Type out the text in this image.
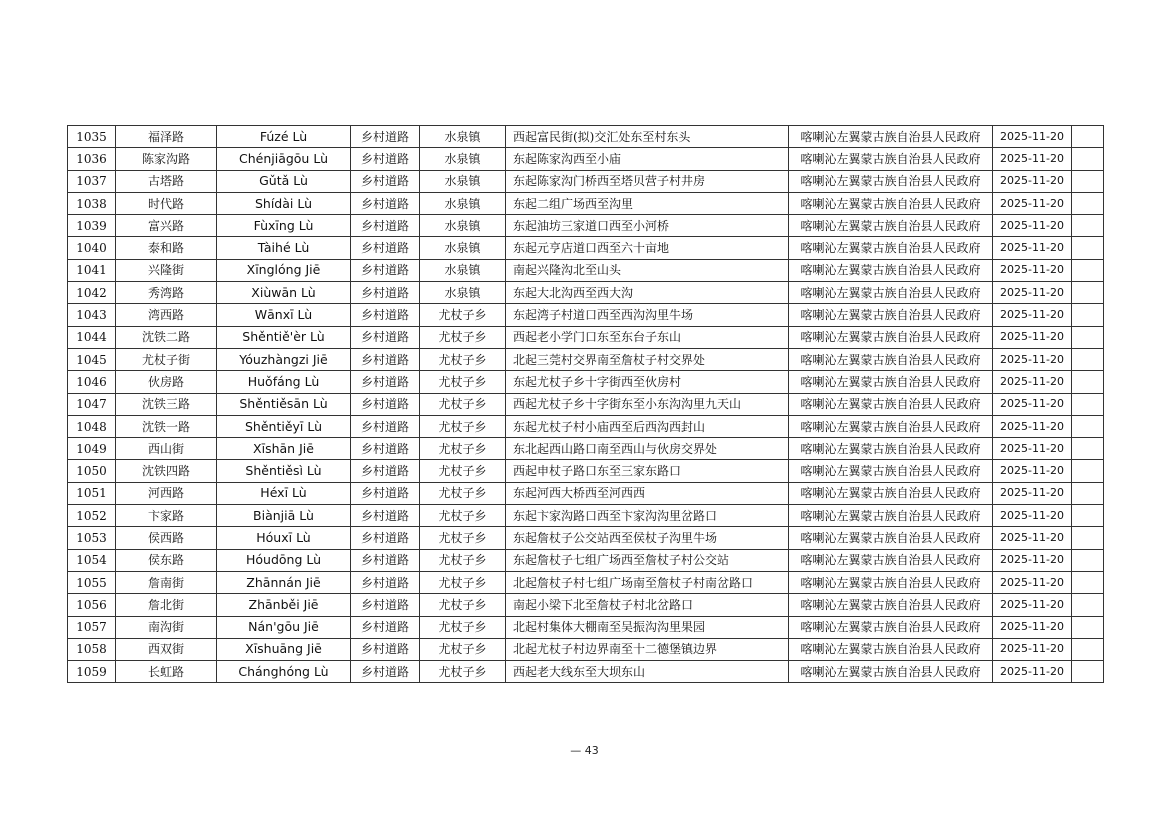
1035	福泽路	Fúzé Lù	乡村道路	水泉镇	西起富民街(拟)交汇处东至村东头	喀喇沁左翼蒙古族自治县人民政府	2025-11-20	
1036	陈家沟路	Chénjiāgōu Lù	乡村道路	水泉镇	东起陈家沟西至小庙	喀喇沁左翼蒙古族自治县人民政府	2025-11-20	
1037	古塔路	Gǔtǎ Lù	乡村道路	水泉镇	东起陈家沟门桥西至塔贝营子村井房	喀喇沁左翼蒙古族自治县人民政府	2025-11-20	
1038	时代路	Shídài Lù	乡村道路	水泉镇	东起二组广场西至沟里	喀喇沁左翼蒙古族自治县人民政府	2025-11-20	
1039	富兴路	Fùxīng Lù	乡村道路	水泉镇	东起油坊三家道口西至小河桥	喀喇沁左翼蒙古族自治县人民政府	2025-11-20	
1040	泰和路	Tàihé Lù	乡村道路	水泉镇	东起元亨店道口西至六十亩地	喀喇沁左翼蒙古族自治县人民政府	2025-11-20	
1041	兴隆街	Xīnglóng Jiē	乡村道路	水泉镇	南起兴隆沟北至山头	喀喇沁左翼蒙古族自治县人民政府	2025-11-20	
1042	秀湾路	Xiùwān Lù	乡村道路	水泉镇	东起大北沟西至西大沟	喀喇沁左翼蒙古族自治县人民政府	2025-11-20	
1043	湾西路	Wānxī Lù	乡村道路	尤杖子乡	东起湾子村道口西至西沟沟里牛场	喀喇沁左翼蒙古族自治县人民政府	2025-11-20	
1044	沈铁二路	Shěntiě'èr Lù	乡村道路	尤杖子乡	西起老小学门口东至东台子东山	喀喇沁左翼蒙古族自治县人民政府	2025-11-20	
1045	尤杖子街	Yóuzhàngzi Jiē	乡村道路	尤杖子乡	北起三莞村交界南至詹杖子村交界处	喀喇沁左翼蒙古族自治县人民政府	2025-11-20	
1046	伙房路	Huǒfáng Lù	乡村道路	尤杖子乡	东起尤杖子乡十字街西至伙房村	喀喇沁左翼蒙古族自治县人民政府	2025-11-20	
1047	沈铁三路	Shěntiěsān Lù	乡村道路	尤杖子乡	西起尤杖子乡十字街东至小东沟沟里九天山	喀喇沁左翼蒙古族自治县人民政府	2025-11-20	
1048	沈铁一路	Shěntiěyī Lù	乡村道路	尤杖子乡	东起尤杖子村小庙西至后西沟西封山	喀喇沁左翼蒙古族自治县人民政府	2025-11-20	
1049	西山街	Xīshān Jiē	乡村道路	尤杖子乡	东北起西山路口南至西山与伙房交界处	喀喇沁左翼蒙古族自治县人民政府	2025-11-20	
1050	沈铁四路	Shěntiěsì Lù	乡村道路	尤杖子乡	西起申杖子路口东至三家东路口	喀喇沁左翼蒙古族自治县人民政府	2025-11-20	
1051	河西路	Héxī Lù	乡村道路	尤杖子乡	东起河西大桥西至河西西	喀喇沁左翼蒙古族自治县人民政府	2025-11-20	
1052	卞家路	Biànjiā Lù	乡村道路	尤杖子乡	东起卞家沟路口西至卞家沟沟里岔路口	喀喇沁左翼蒙古族自治县人民政府	2025-11-20	
1053	侯西路	Hóuxī Lù	乡村道路	尤杖子乡	东起詹杖子公交站西至侯杖子沟里牛场	喀喇沁左翼蒙古族自治县人民政府	2025-11-20	
1054	侯东路	Hóudōng Lù	乡村道路	尤杖子乡	东起詹杖子七组广场西至詹杖子村公交站	喀喇沁左翼蒙古族自治县人民政府	2025-11-20	
1055	詹南街	Zhānnán Jiē	乡村道路	尤杖子乡	北起詹杖子村七组广场南至詹杖子村南岔路口	喀喇沁左翼蒙古族自治县人民政府	2025-11-20	
1056	詹北街	Zhānběi Jiē	乡村道路	尤杖子乡	南起小梁下北至詹杖子村北岔路口	喀喇沁左翼蒙古族自治县人民政府	2025-11-20	
1057	南沟街	Nán'gōu Jiē	乡村道路	尤杖子乡	北起村集体大棚南至吴振沟沟里果园	喀喇沁左翼蒙古族自治县人民政府	2025-11-20	
1058	西双街	Xīshuāng Jiē	乡村道路	尤杖子乡	北起尤杖子村边界南至十二德堡镇边界	喀喇沁左翼蒙古族自治县人民政府	2025-11-20	
1059	长虹路	Chánghóng Lù	乡村道路	尤杖子乡	西起老大线东至大坝东山	喀喇沁左翼蒙古族自治县人民政府	2025-11-20	
— 43
